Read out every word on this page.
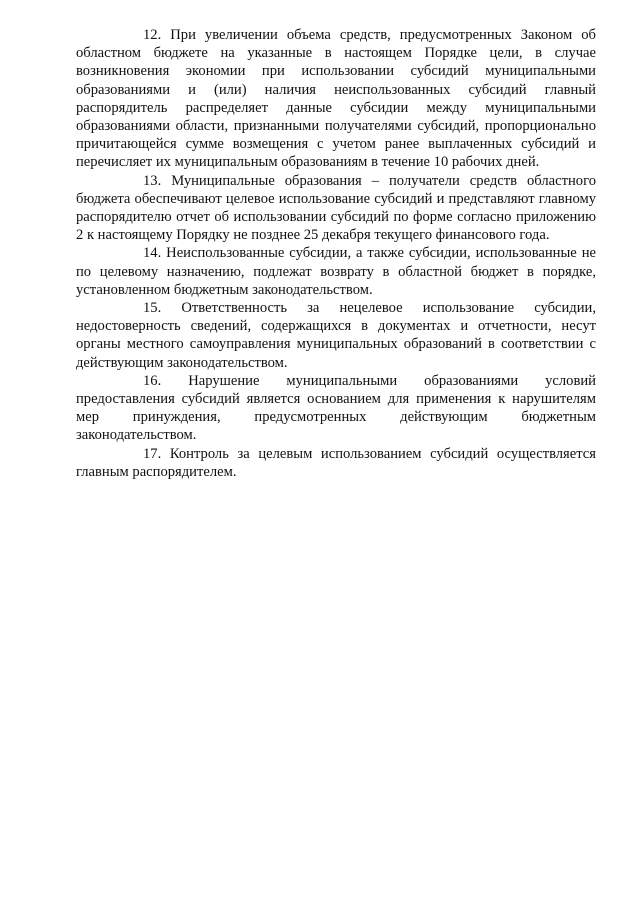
12. При увеличении объема средств, предусмотренных Законом об областном бюджете на указанные в настоящем Порядке цели, в случае возникновения экономии при использовании субсидий муниципальными образованиями и (или) наличия неиспользованных субсидий главный распорядитель распределяет данные субсидии между муниципальными образованиями области, признанными получателями субсидий, пропорционально причитающейся сумме возмещения с учетом ранее выплаченных субсидий и перечисляет их муниципальным образованиям в течение 10 рабочих дней.

13. Муниципальные образования – получатели средств областного бюджета обеспечивают целевое использование субсидий и представляют главному распорядителю отчет об использовании субсидий по форме согласно приложению 2 к настоящему Порядку не позднее 25 декабря текущего финансового года.

14. Неиспользованные субсидии, а также субсидии, использованные не по целевому назначению, подлежат возврату в областной бюджет в порядке, установленном бюджетным законодательством.

15. Ответственность за нецелевое использование субсидии, недостоверность сведений, содержащихся в документах и отчетности, несут органы местного самоуправления муниципальных образований в соответствии с действующим законодательством.

16. Нарушение муниципальными образованиями условий предоставления субсидий является основанием для применения к нарушителям мер принуждения, предусмотренных действующим бюджетным законодательством.

17. Контроль за целевым использованием субсидий осуществляется главным распорядителем.
